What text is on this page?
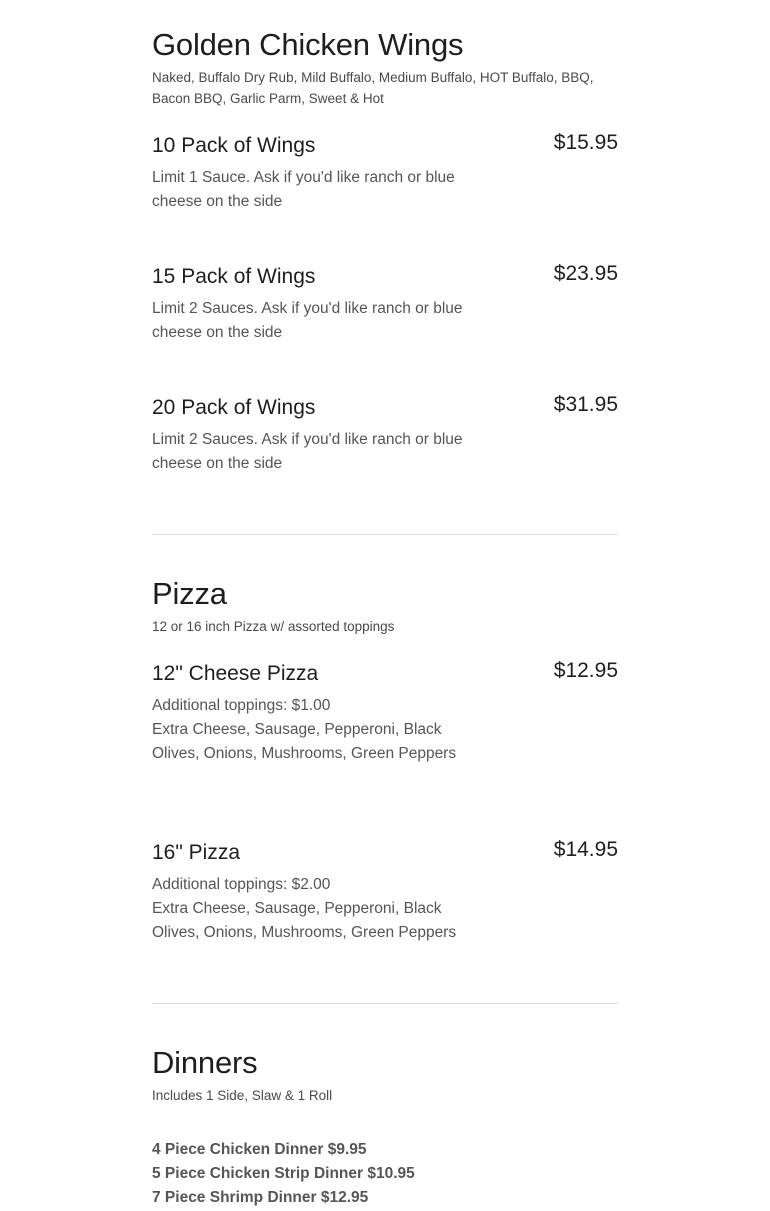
Golden Chicken Wings

Naked, Buffalo Dry Rub, Mild Buffalo, Medium Buffalo, HOT Buffalo, BBQ, Bacon BBQ, Garlic Parm, Sweet & Hot

10 Pack of Wings	$15.95
Limit 1 Sauce. Ask if you'd like ranch or blue cheese on the side
15 Pack of Wings	$23.95
Limit 2 Sauces. Ask if you'd like ranch or blue cheese on the side
20 Pack of Wings	$31.95
Limit 2 Sauces. Ask if you'd like ranch or blue cheese on the side
Pizza

12 or 16 inch Pizza w/ assorted toppings

12" Cheese Pizza	$12.95
Additional toppings: $1.00
Extra Cheese, Sausage, Pepperoni, Black Olives, Onions, Mushrooms, Green Peppers
16" Pizza	$14.95
Additional toppings: $2.00
Extra Cheese, Sausage, Pepperoni, Black Olives, Onions, Mushrooms, Green Peppers
Dinners

Includes 1 Side, Slaw & 1 Roll

4 Piece Chicken Dinner $9.95
5 Piece Chicken Strip Dinner $10.95
7 Piece Shrimp Dinner $12.95
